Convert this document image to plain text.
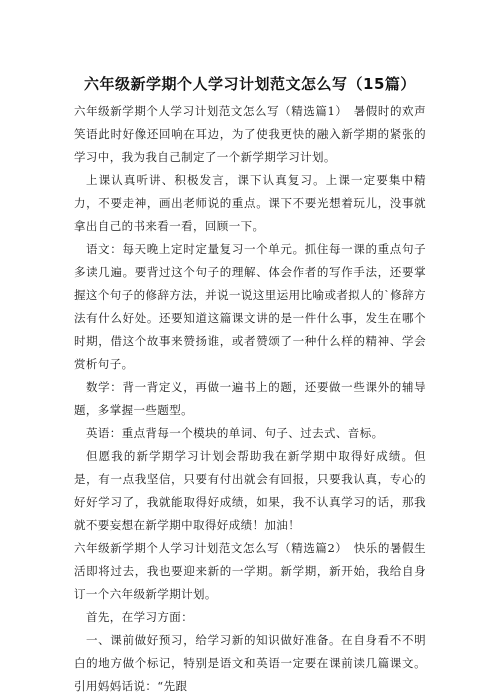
六年级新学期个人学习计划范文怎么写（15篇）

六年级新学期个人学习计划范文怎么写（精选篇1）　暑假时的欢声笑语此时好像还回响在耳边，为了使我更快的融入新学期的紧张的学习中，我为我自己制定了一个新学期学习计划。

上课认真听讲、积极发言，课下认真复习。上课一定要集中精力，不要走神，画出老师说的重点。课下不要光想着玩儿，没事就拿出自己的书来看一看，回顾一下。

语文：每天晚上定时定量复习一个单元。抓住每一课的重点句子多读几遍。要背过这个句子的理解、体会作者的写作手法，还要掌握这个句子的修辞方法，并说一说这里运用比喻或者拟人的`修辞方法有什么好处。还要知道这篇课文讲的是一件什么事，发生在哪个时期，借这个故事来赞扬谁，或者赞颂了一种什么样的精神、学会赏析句子。

数学：背一背定义，再做一遍书上的题，还要做一些课外的辅导题，多掌握一些题型。

英语：重点背每一个模块的单词、句子、过去式、音标。

但愿我的新学期学习计划会帮助我在新学期中取得好成绩。但是，有一点我坚信，只要有付出就会有回报，只要我认真，专心的好好学习了，我就能取得好成绩，如果，我不认真学习的话，那我就不要妄想在新学期中取得好成绩！加油！

六年级新学期个人学习计划范文怎么写（精选篇2）　快乐的暑假生活即将过去，我也要迎来新的一学期。新学期，新开始，我给自身订一个六年级新学期计划。

首先，在学习方面：

一、课前做好预习，给学习新的知识做好准备。在自身看不不明白的地方做个标记，特别是语文和英语一定要在课前读几篇课文。引用妈妈话说：“先跟
